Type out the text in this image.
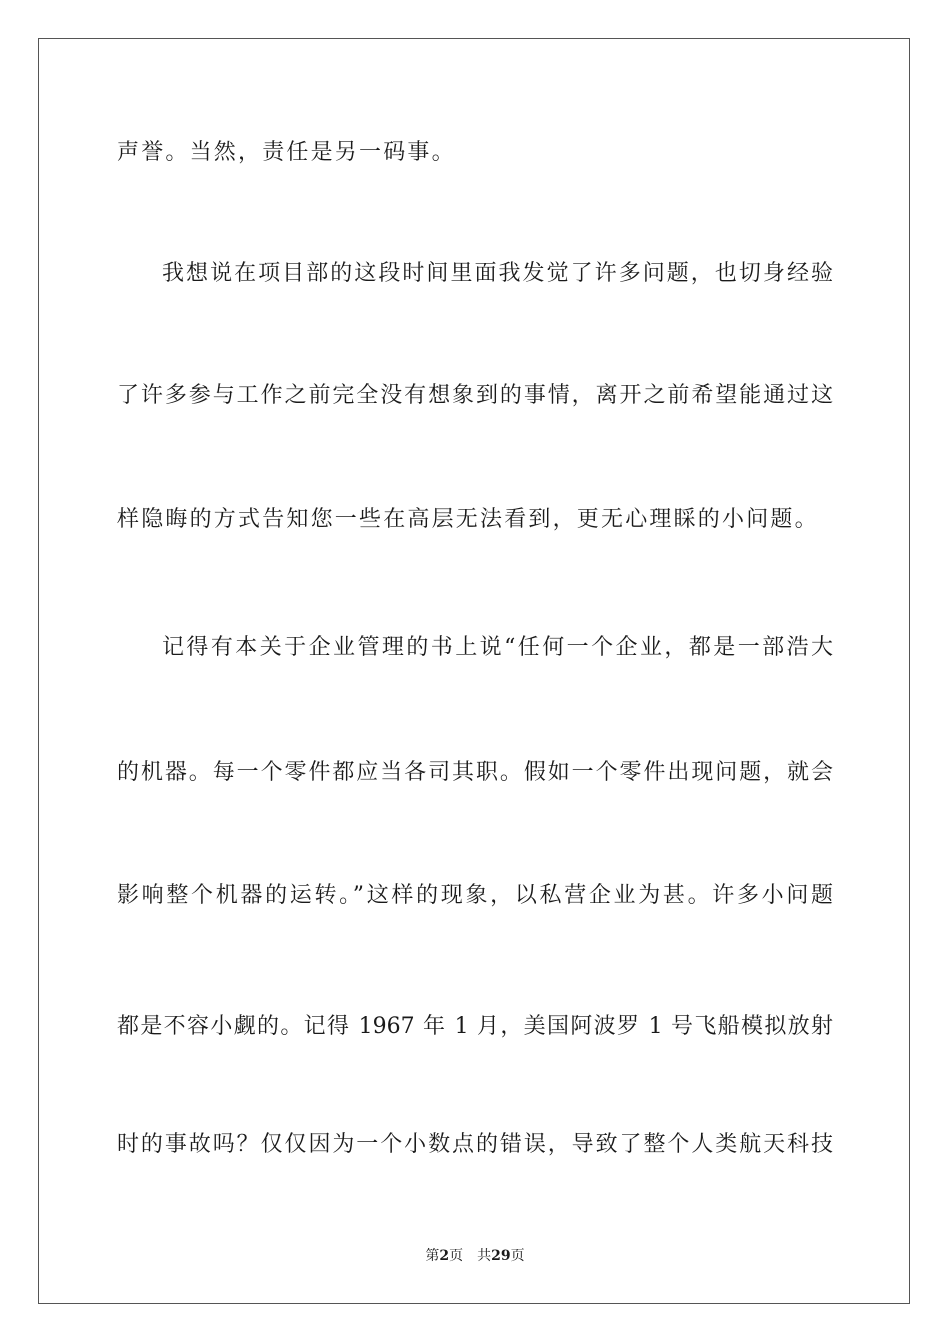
声誉。当然，责任是另一码事。
我想说在项目部的这段时间里面我发觉了许多问题，也切身经验
了许多参与工作之前完全没有想象到的事情，离开之前希望能通过这
样隐晦的方式告知您一些在高层无法看到，更无心理睬的小问题。
记得有本关于企业管理的书上说“任何一个企业，都是一部浩大
的机器。每一个零件都应当各司其职。假如一个零件出现问题，就会
影响整个机器的运转。”这样的现象，以私营企业为甚。许多小问题
都是不容小觑的。记得 1967 年 1 月，美国阿波罗 1 号飞船模拟放射
时的事故吗？仅仅因为一个小数点的错误，导致了整个人类航天科技
第2页 共29页
